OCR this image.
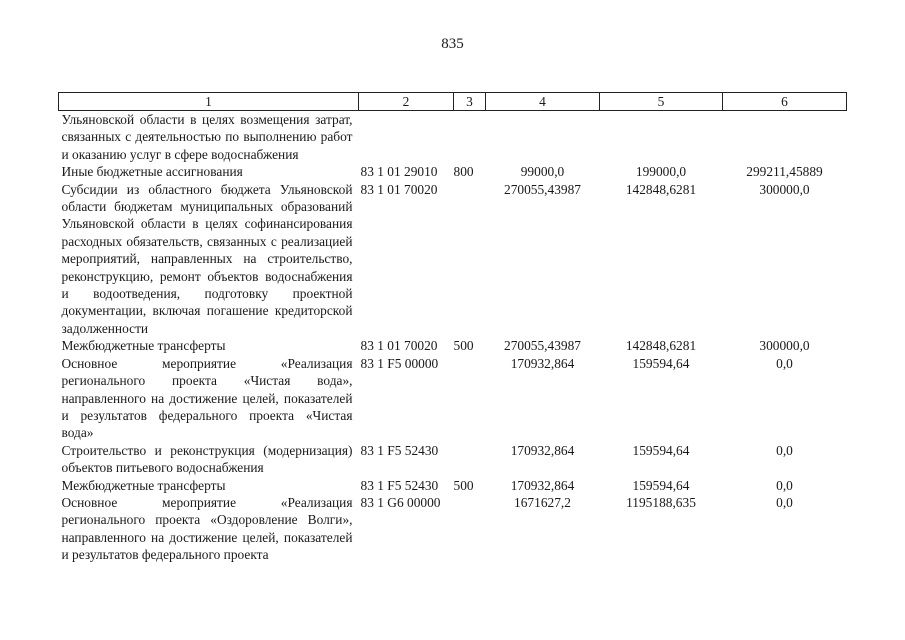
835
1	2	3	4	5	6
Ульяновской области в целях возмещения затрат, связанных с деятельностью по выполнению работ и оказанию услуг в сфере водоснабжения					
Иные бюджетные ассигнования	83 1 01 29010	800	99000,0	199000,0	299211,45889
Субсидии из областного бюджета Ульяновской области бюджетам муниципальных образований Ульяновской области в целях софинансирования расходных обязательств, связанных с реализацией мероприятий, направленных на строительство, реконструкцию, ремонт объектов водоснабжения и водоотведения, подготовку проектной документации, включая погашение кредиторской задолженности	83 1 01 70020		270055,43987	142848,6281	300000,0
Межбюджетные трансферты	83 1 01 70020	500	270055,43987	142848,6281	300000,0
Основное мероприятие «Реализация регионального проекта «Чистая вода», направленного на достижение целей, показателей и результатов федерального проекта «Чистая вода»	83 1 F5 00000		170932,864	159594,64	0,0
Строительство и реконструкция (модернизация) объектов питьевого водоснабжения	83 1 F5 52430		170932,864	159594,64	0,0
Межбюджетные трансферты	83 1 F5 52430	500	170932,864	159594,64	0,0
Основное мероприятие «Реализация регионального проекта «Оздоровление Волги», направленного на достижение целей, показателей и результатов федерального проекта	83 1 G6 00000		1671627,2	1195188,635	0,0
